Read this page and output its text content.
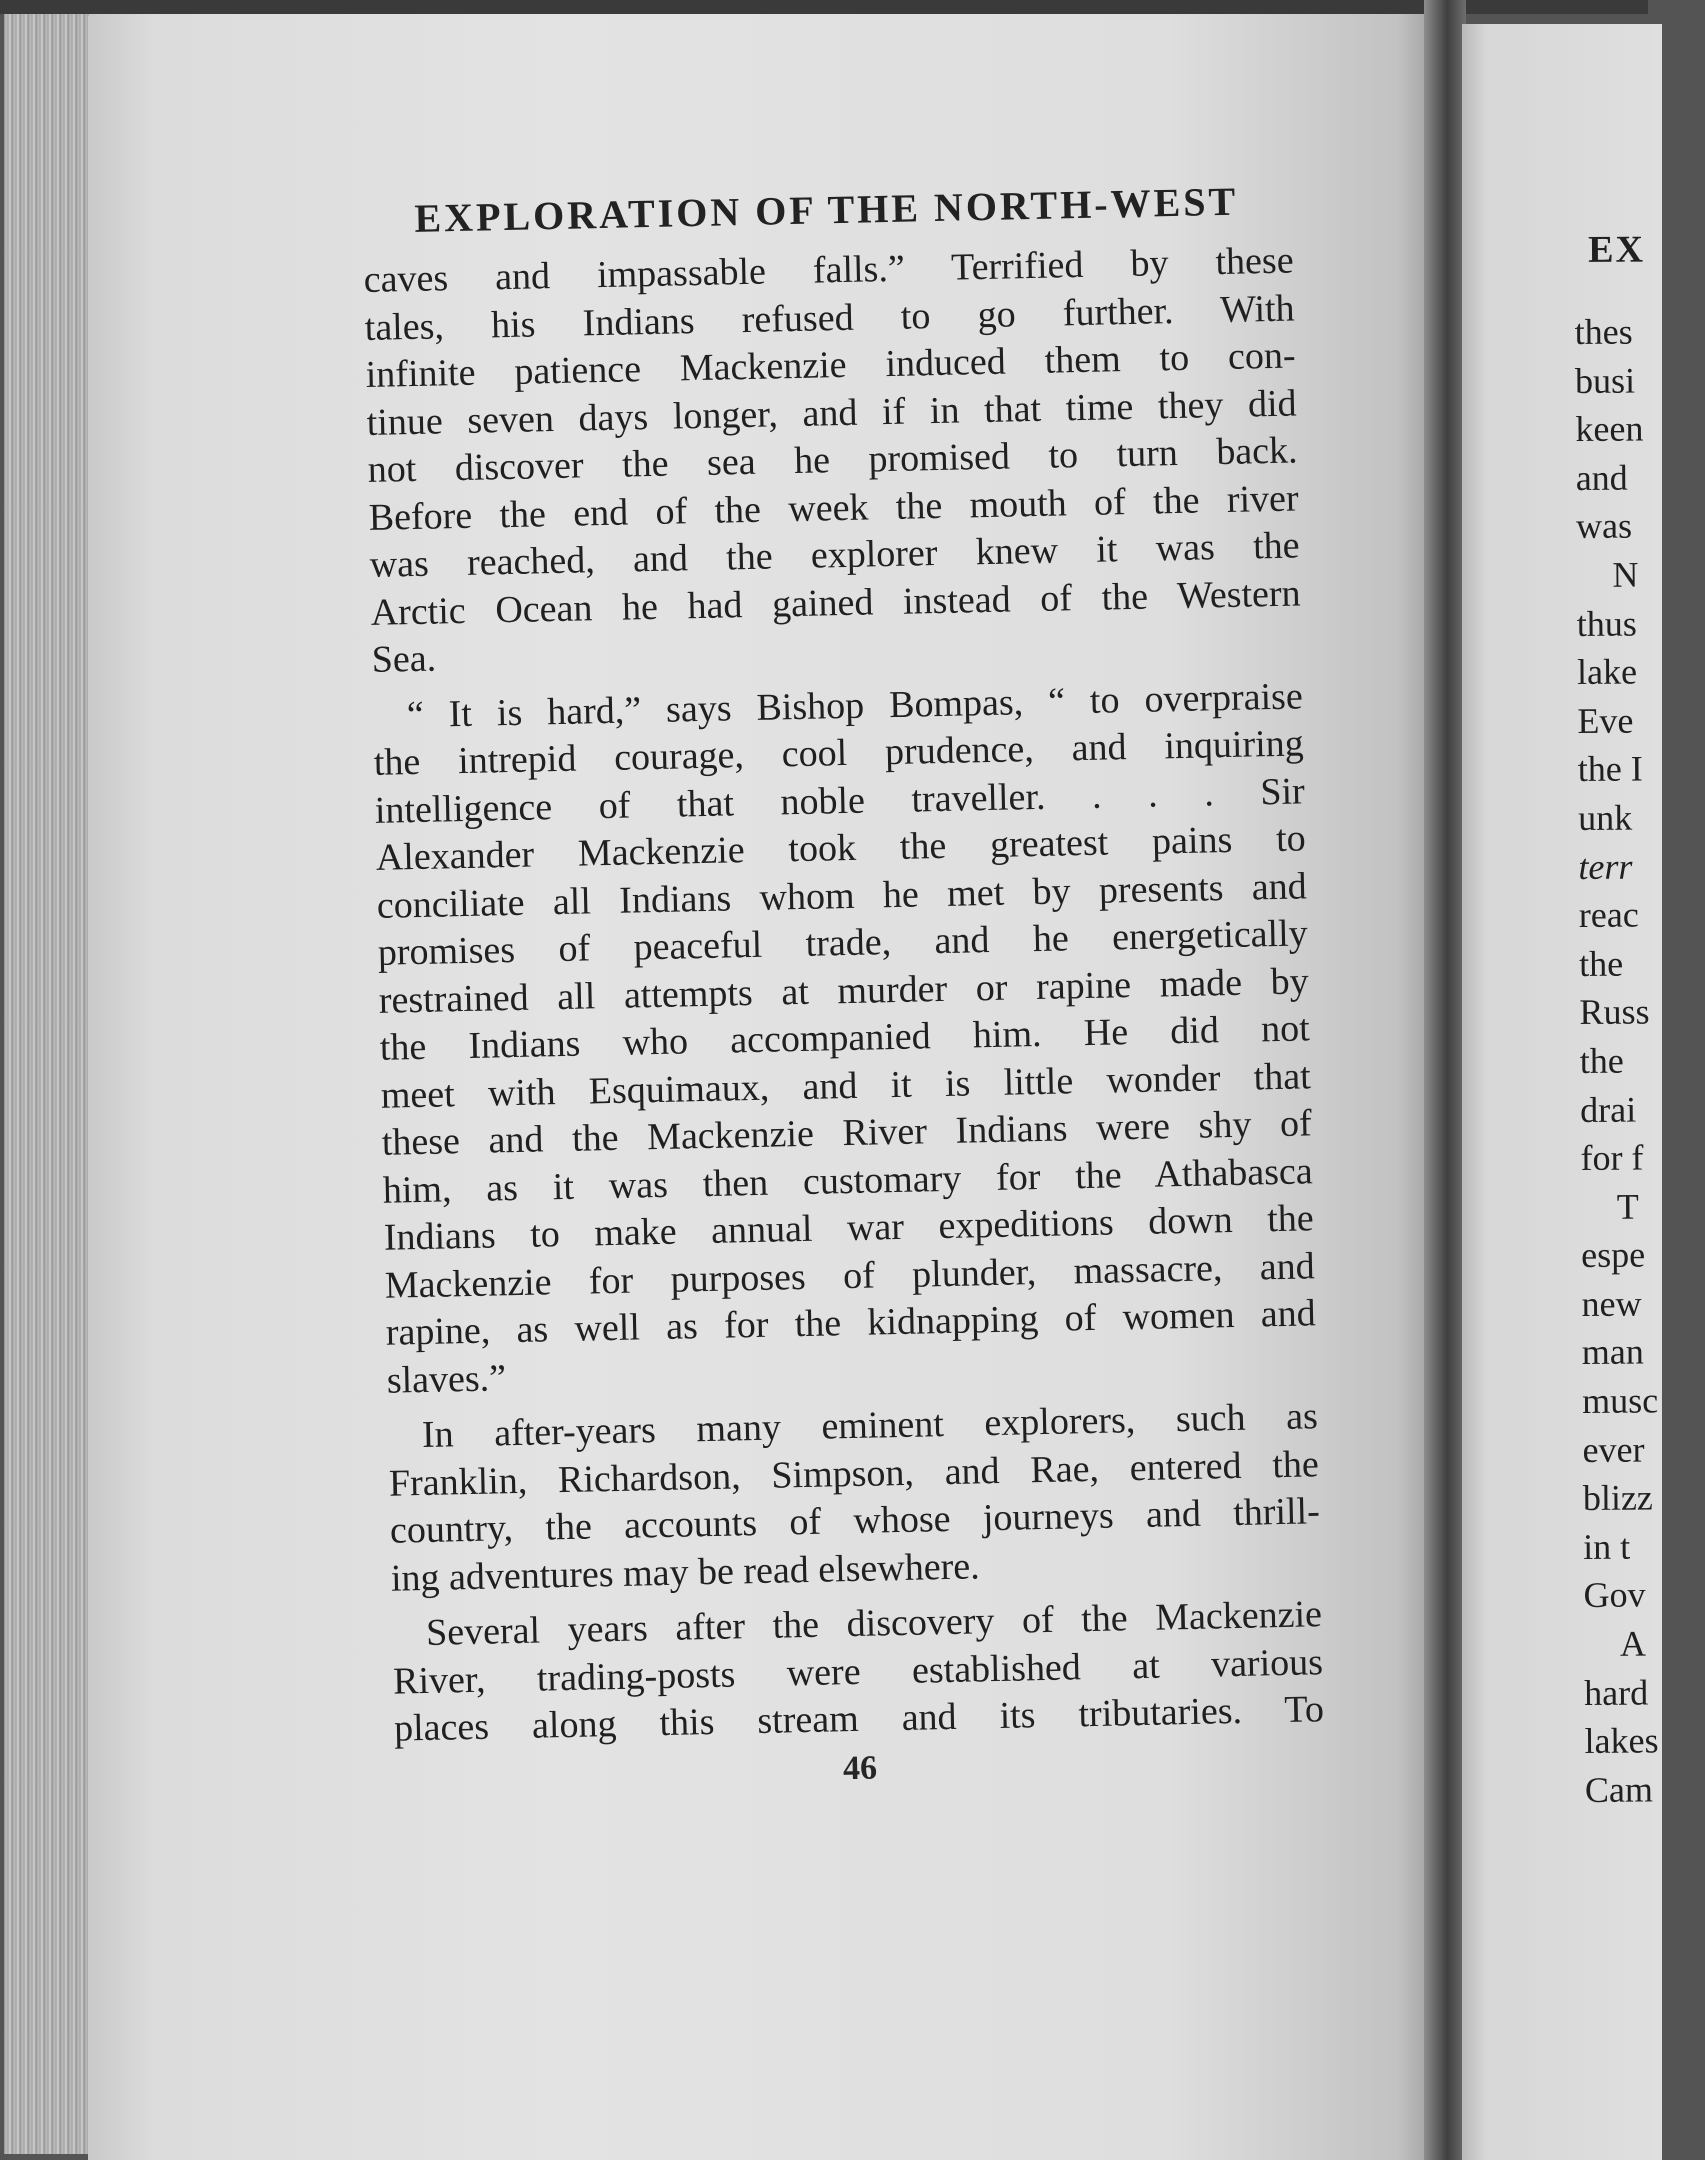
EXPLORATION OF THE NORTH-WEST
caves and impassable falls.” Terrified by these
tales, his Indians refused to go further. With
infinite patience Mackenzie induced them to con-
tinue seven days longer, and if in that time they did
not discover the sea he promised to turn back.
Before the end of the week the mouth of the river
was reached, and the explorer knew it was the
Arctic Ocean he had gained instead of the Western
Sea.
“ It is hard,” says Bishop Bompas, “ to overpraise
the intrepid courage, cool prudence, and inquiring
intelligence of that noble traveller. . . . Sir
Alexander Mackenzie took the greatest pains to
conciliate all Indians whom he met by presents and
promises of peaceful trade, and he energetically
restrained all attempts at murder or rapine made by
the Indians who accompanied him. He did not
meet with Esquimaux, and it is little wonder that
these and the Mackenzie River Indians were shy of
him, as it was then customary for the Athabasca
Indians to make annual war expeditions down the
Mackenzie for purposes of plunder, massacre, and
rapine, as well as for the kidnapping of women and
slaves.”
In after-years many eminent explorers, such as
Franklin, Richardson, Simpson, and Rae, entered the
country, the accounts of whose journeys and thrill-
ing adventures may be read elsewhere.
Several years after the discovery of the Mackenzie
River, trading-posts were established at various
places along this stream and its tributaries. To
46
EX
thes
busi
keen
and
was
N
thus
lake
Eve
the I
unk
terr
reac
the
Russ
the
drai
for f
T
espe
new
man
musc
ever
blizz
in t
Gov
A
hard
lakes
Cam
